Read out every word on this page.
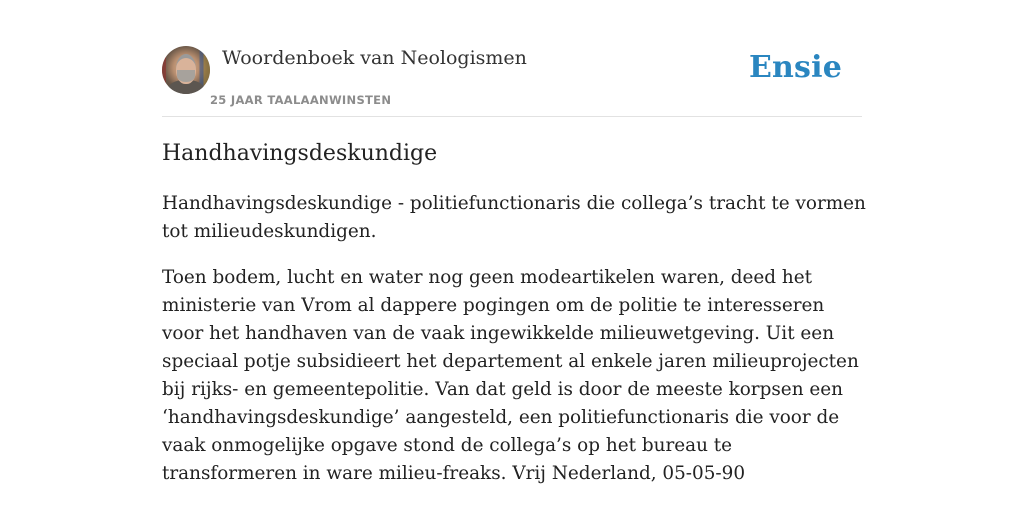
Woordenboek van Neologismen
25 JAAR TAALAANWINSTEN
Ensie
Handhavingsdeskundige

Handhavingsdeskundige - politiefunctionaris die collega’s tracht te vormen tot milieudeskundigen.

Toen bodem, lucht en water nog geen modeartikelen waren, deed het ministerie van Vrom al dappere pogingen om de politie te interesseren voor het handhaven van de vaak ingewikkelde milieuwetgeving. Uit een speciaal potje subsidieert het departement al enkele jaren milieuprojecten bij rijks- en gemeentepolitie. Van dat geld is door de meeste korpsen een ‘handhavingsdeskundige’ aangesteld, een politiefunctionaris die voor de vaak onmogelijke opgave stond de collega’s op het bureau te transformeren in ware milieu-freaks. Vrij Nederland, 05-05-90
